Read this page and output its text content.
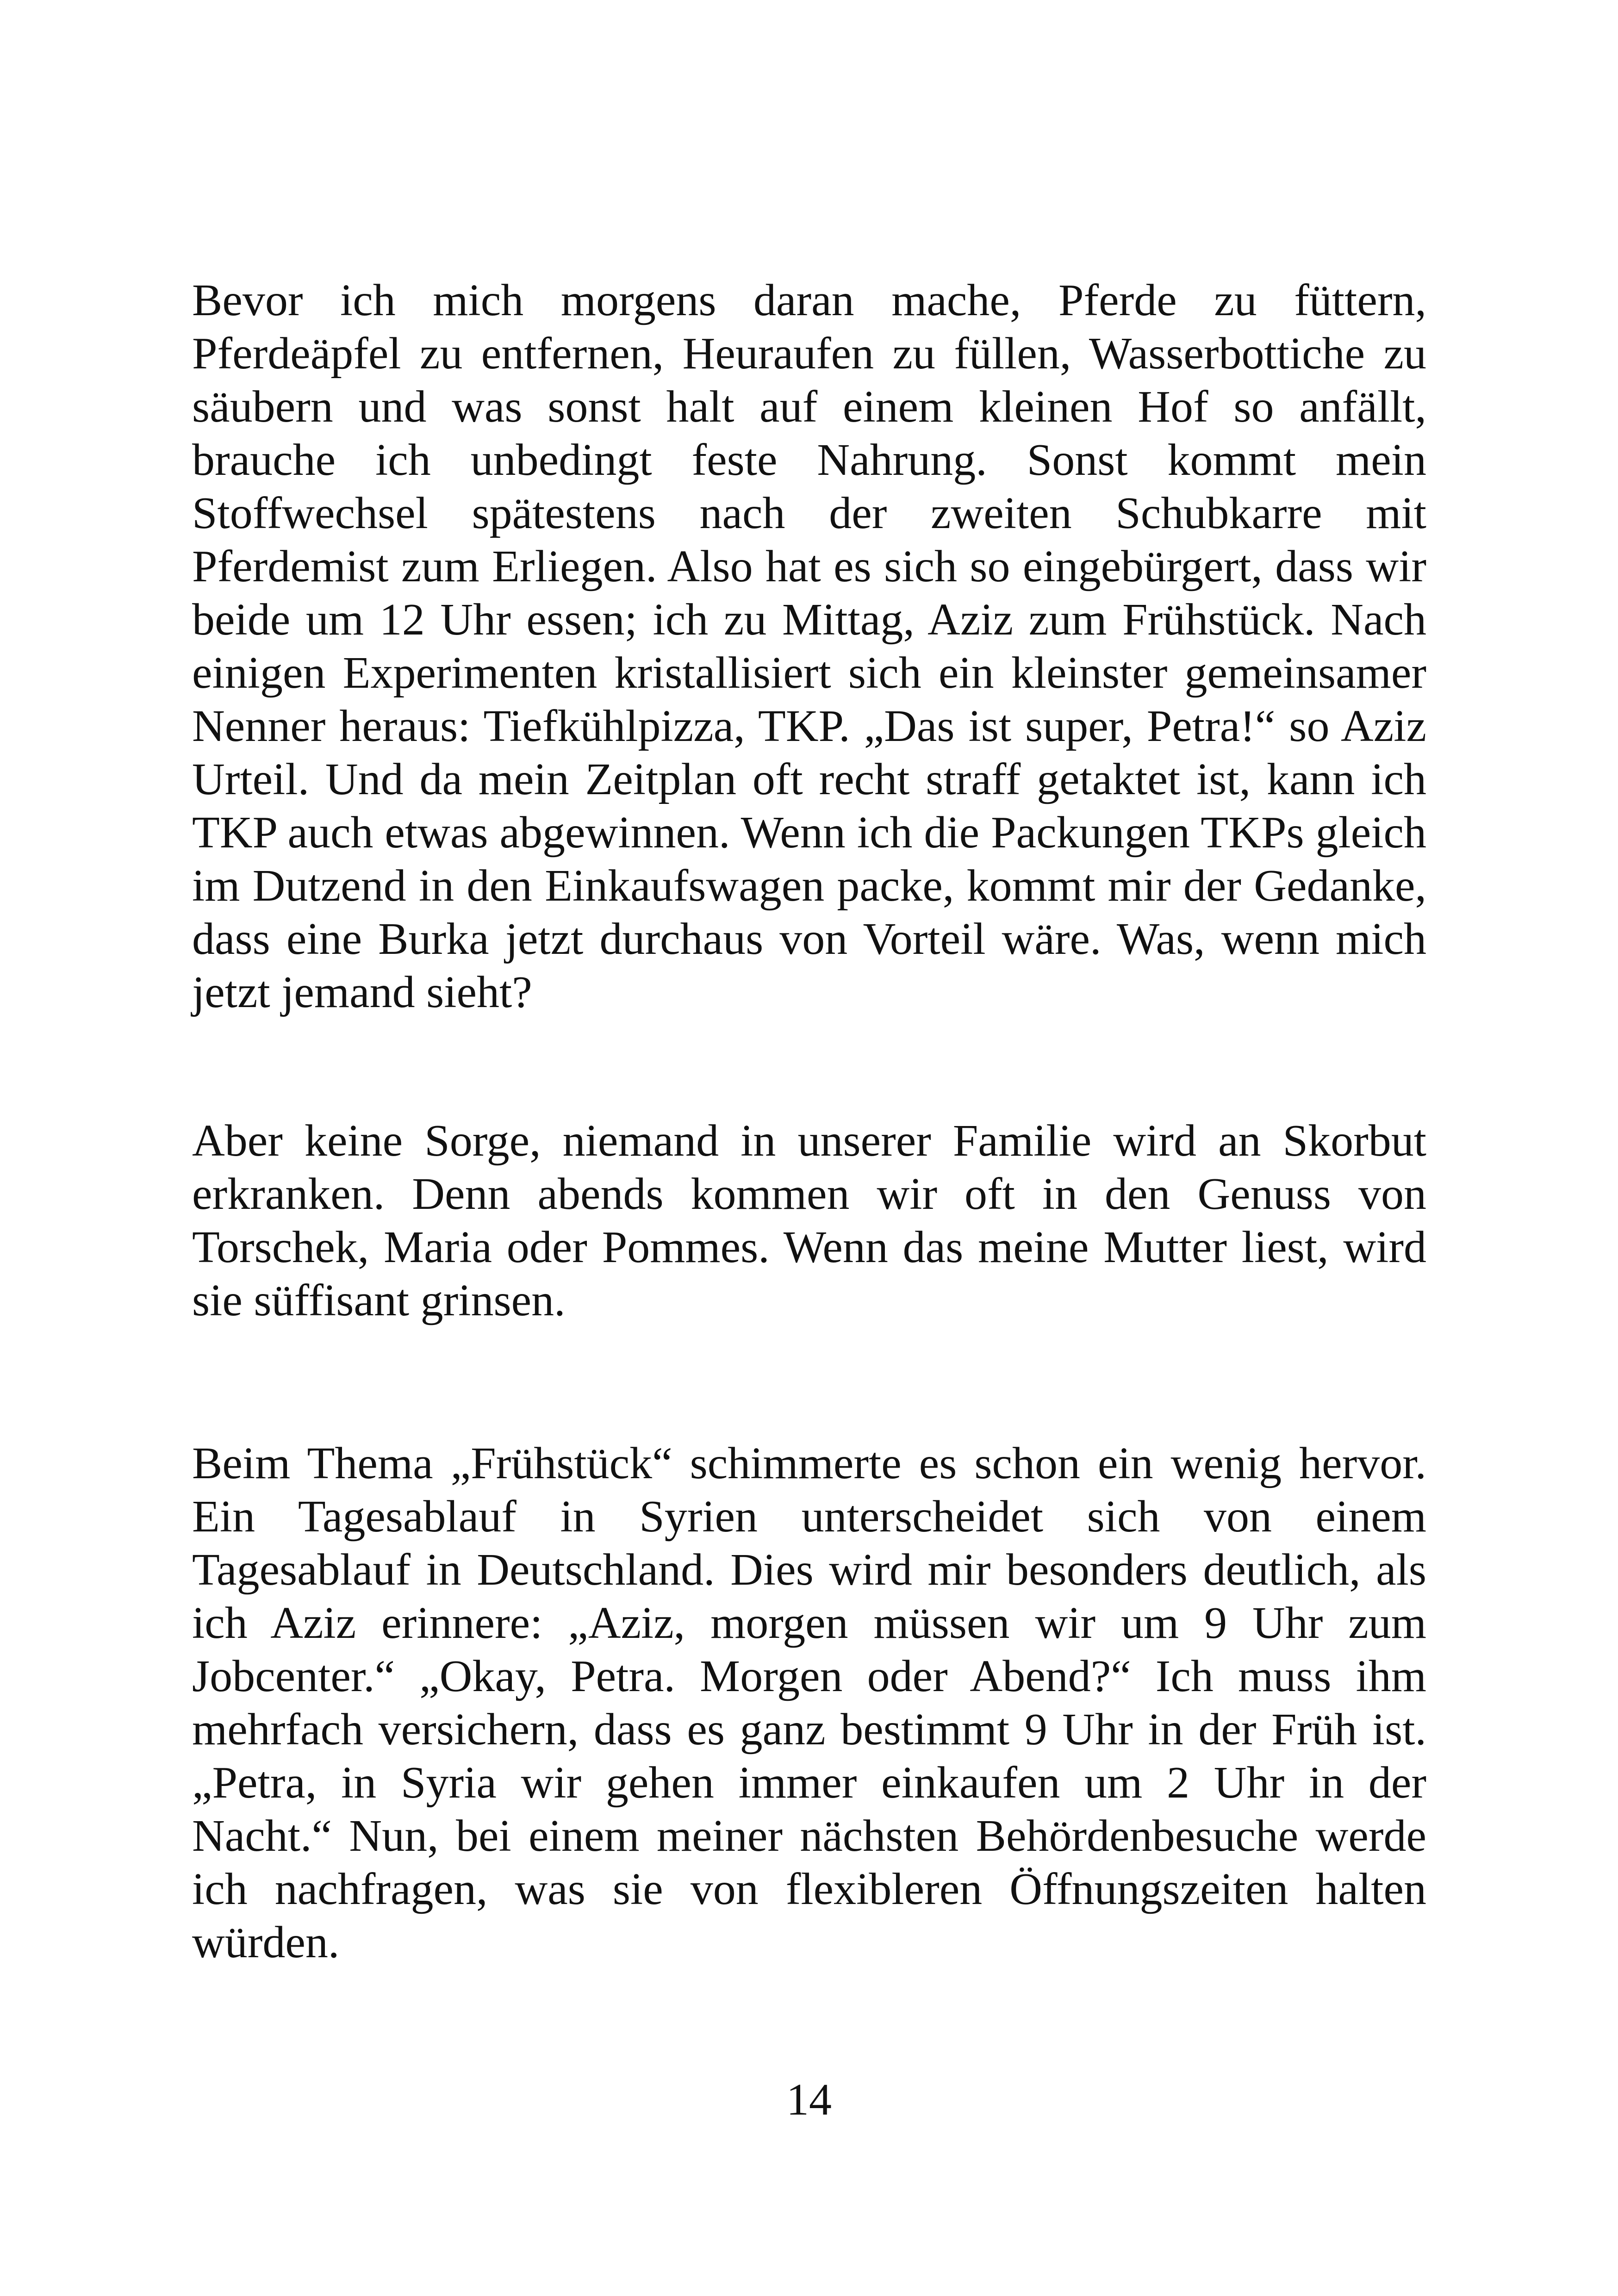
Bevor ich mich morgens daran mache, Pferde zu füttern, Pferdeäpfel zu entfernen, Heuraufen zu füllen, Wasserbottiche zu säubern und was sonst halt auf einem kleinen Hof so anfällt, brauche ich unbedingt feste Nahrung. Sonst kommt mein Stoffwechsel spätestens nach der zweiten Schubkarre mit Pferdemist zum Erliegen. Also hat es sich so eingebürgert, dass wir beide um 12 Uhr essen; ich zu Mittag, Aziz zum Frühstück. Nach einigen Experimenten kristallisiert sich ein kleinster gemeinsamer Nenner heraus: Tiefkühlpizza, TKP. „Das ist super, Petra!“ so Aziz Urteil. Und da mein Zeitplan oft recht straff getaktet ist, kann ich TKP auch etwas abgewinnen. Wenn ich die Packungen TKPs gleich im Dutzend in den Einkaufswagen packe, kommt mir der Gedanke, dass eine Burka jetzt durchaus von Vorteil wäre. Was, wenn mich jetzt jemand sieht?

Aber keine Sorge, niemand in unserer Familie wird an Skorbut erkranken. Denn abends kommen wir oft in den Genuss von Torschek, Maria oder Pommes. Wenn das meine Mutter liest, wird sie süffisant grinsen.

Beim Thema „Frühstück“ schimmerte es schon ein wenig hervor. Ein Tagesablauf in Syrien unterscheidet sich von einem Tagesablauf in Deutschland. Dies wird mir besonders deutlich, als ich Aziz erinnere: „Aziz, morgen müssen wir um 9 Uhr zum Jobcenter.“ „Okay, Petra. Morgen oder Abend?“ Ich muss ihm mehrfach versichern, dass es ganz bestimmt 9 Uhr in der Früh ist. „Petra, in Syria wir gehen immer einkaufen um 2 Uhr in der Nacht.“ Nun, bei einem meiner nächsten Behördenbesuche werde ich nachfragen, was sie von flexibleren Öffnungszeiten halten würden.

14
